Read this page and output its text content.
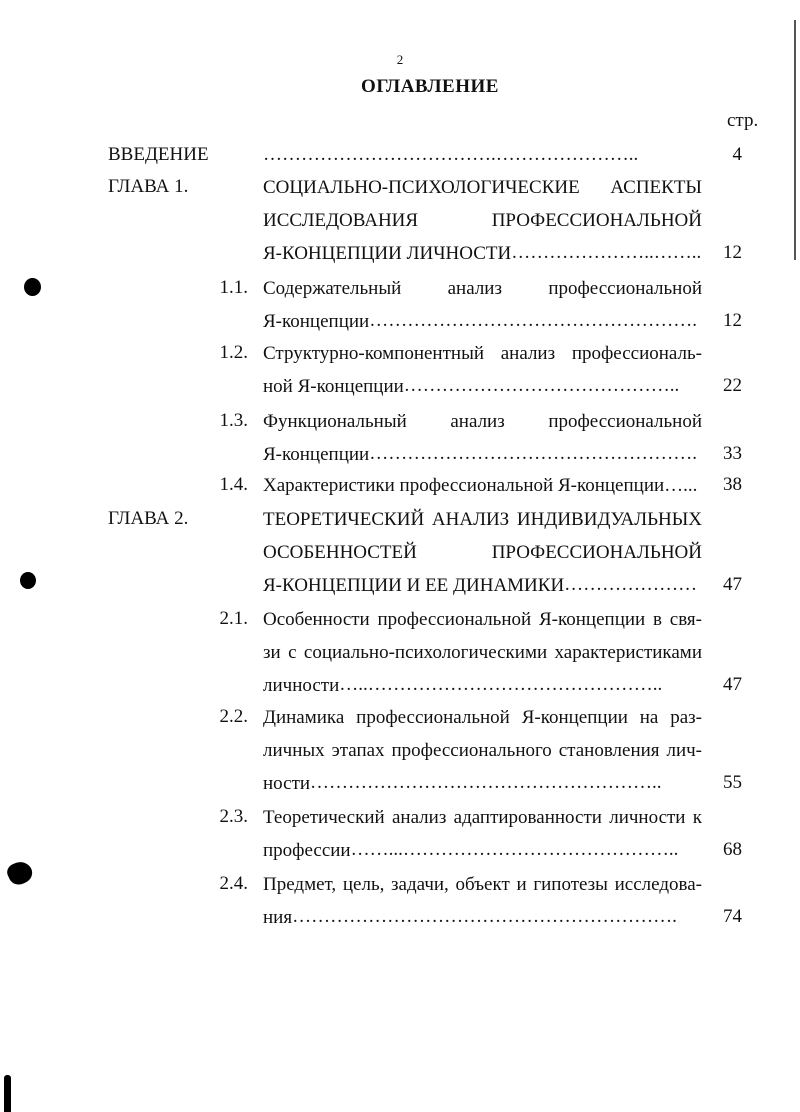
2
ОГЛАВЛЕНИЕ
стр.
ВВЕДЕНИЕ	……………………………….…………………..	4
ГЛАВА 1.	СОЦИАЛЬНО-ПСИХОЛОГИЧЕСКИЕ АСПЕКТЫ
ИССЛЕДОВАНИЯ ПРОФЕССИОНАЛЬНОЙ
Я-КОНЦЕПЦИИ ЛИЧНОСТИ …………………..…….. 12
1.1. Содержательный анализ профессиональной
Я-концепции ……………………………………………. 12
1.2. Структурно-компонентный анализ профессиональ-
ной Я-концепции ……………………………………..	22
1.3. Функциональный анализ профессиональной
Я-концепции ……………………………………………. 33
1.4. Характеристики профессиональной Я-концепции…... 38
ГЛАВА 2.	ТЕОРЕТИЧЕСКИЙ АНАЛИЗ ИНДИВИДУАЛЬНЫХ
ОСОБЕННОСТЕЙ ПРОФЕССИОНАЛЬНОЙ
Я-КОНЦЕПЦИИ И ЕЕ ДИНАМИКИ ………………… 47
2.1. Особенности профессиональной Я-концепции в свя-
зи с социально-психологическими характеристиками
личности …..………………………………………..	47
2.2. Динамика профессиональной Я-концепции на раз-
личных этапах профессионального становления лич-
ности ………………………………………………..	55
2.3. Теоретический анализ адаптированности личности к
профессии ……...……………………………………..	68
2.4. Предмет, цель, задачи, объект и гипотезы исследова-
ния …………………………………………………….	74
